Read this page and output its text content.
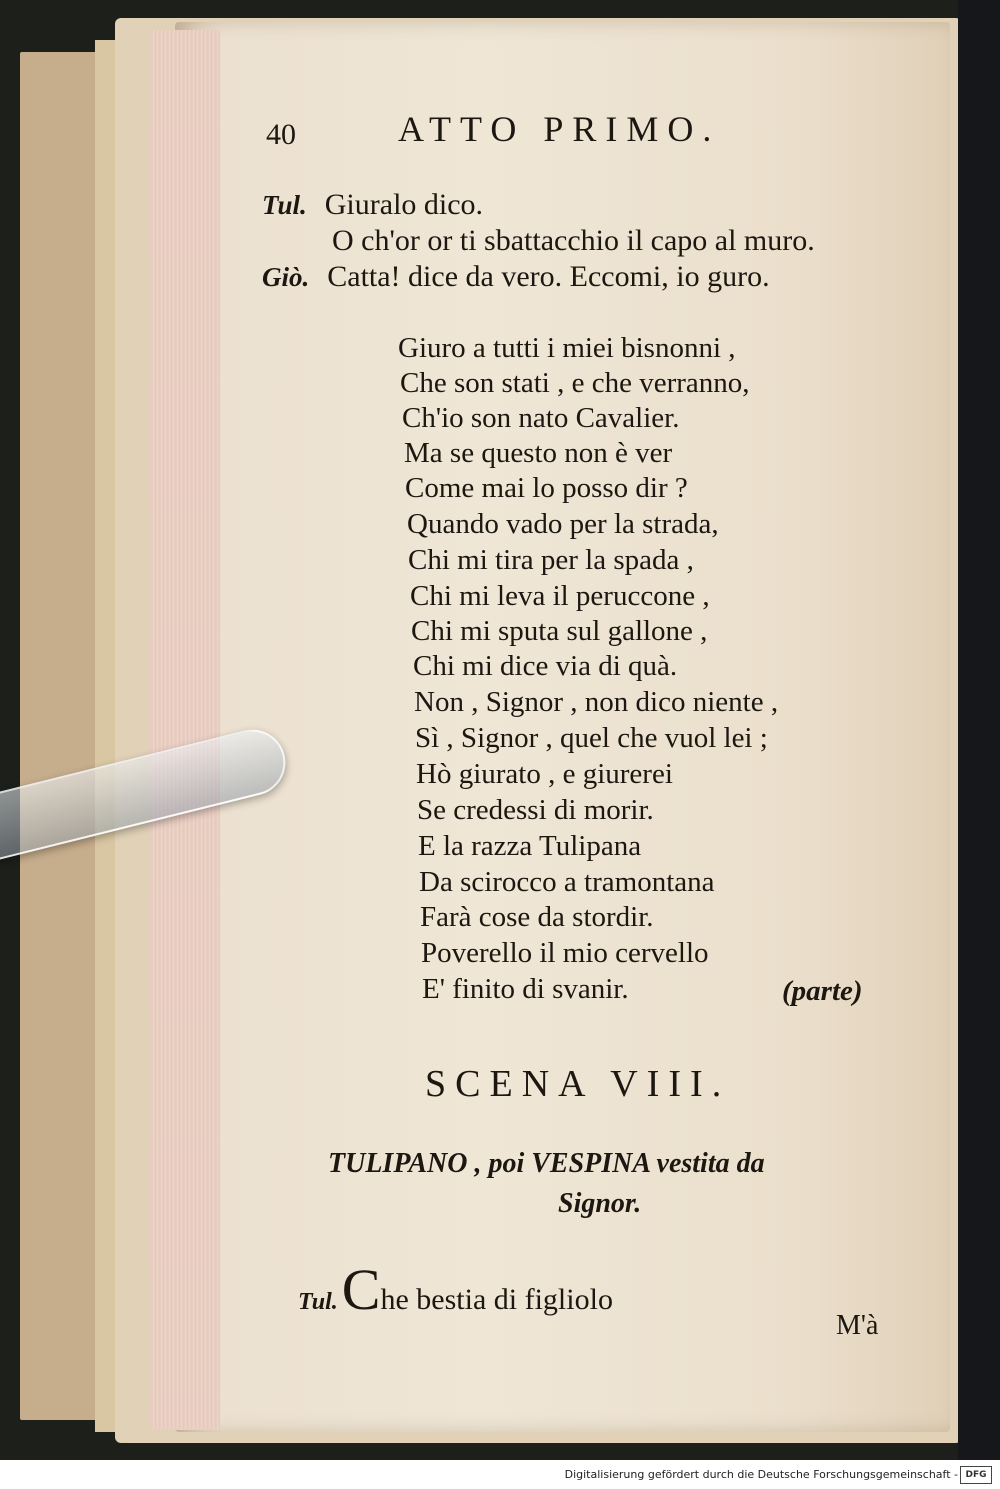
40	ATTO PRIMO.
Tul. Giuralo dico.
O ch'or or ti sbattacchio il capo al muro.
Giò. Catta! dice da vero. Eccomi, io guro.
Giuro a tutti i miei bisnonni ,
Che son stati , e che verranno,
Ch'io son nato Cavalier.
Ma se questo non è ver
Come mai lo posso dir ?
Quando vado per la strada,
Chi mi tira per la spada ,
Chi mi leva il peruccone ,
Chi mi sputa sul gallone ,
Chi mi dice via di quà.
Non , Signor , non dico niente ,
Sì , Signor , quel che vuol lei ;
Hò giurato , e giurerei
Se credessi di morir.
E la razza Tulipana
Da scirocco a tramontana
Farà cose da stordir.
Poverello il mio cervello
E' finito di svanir.	(parte)
SCENA VIII.
TULIPANO , poi VESPINA vestita da
Signor.
Tul. Che bestia di figliolo
M'à
Digitalisierung gefördert durch die Deutsche Forschungsgemeinschaft - DFG
